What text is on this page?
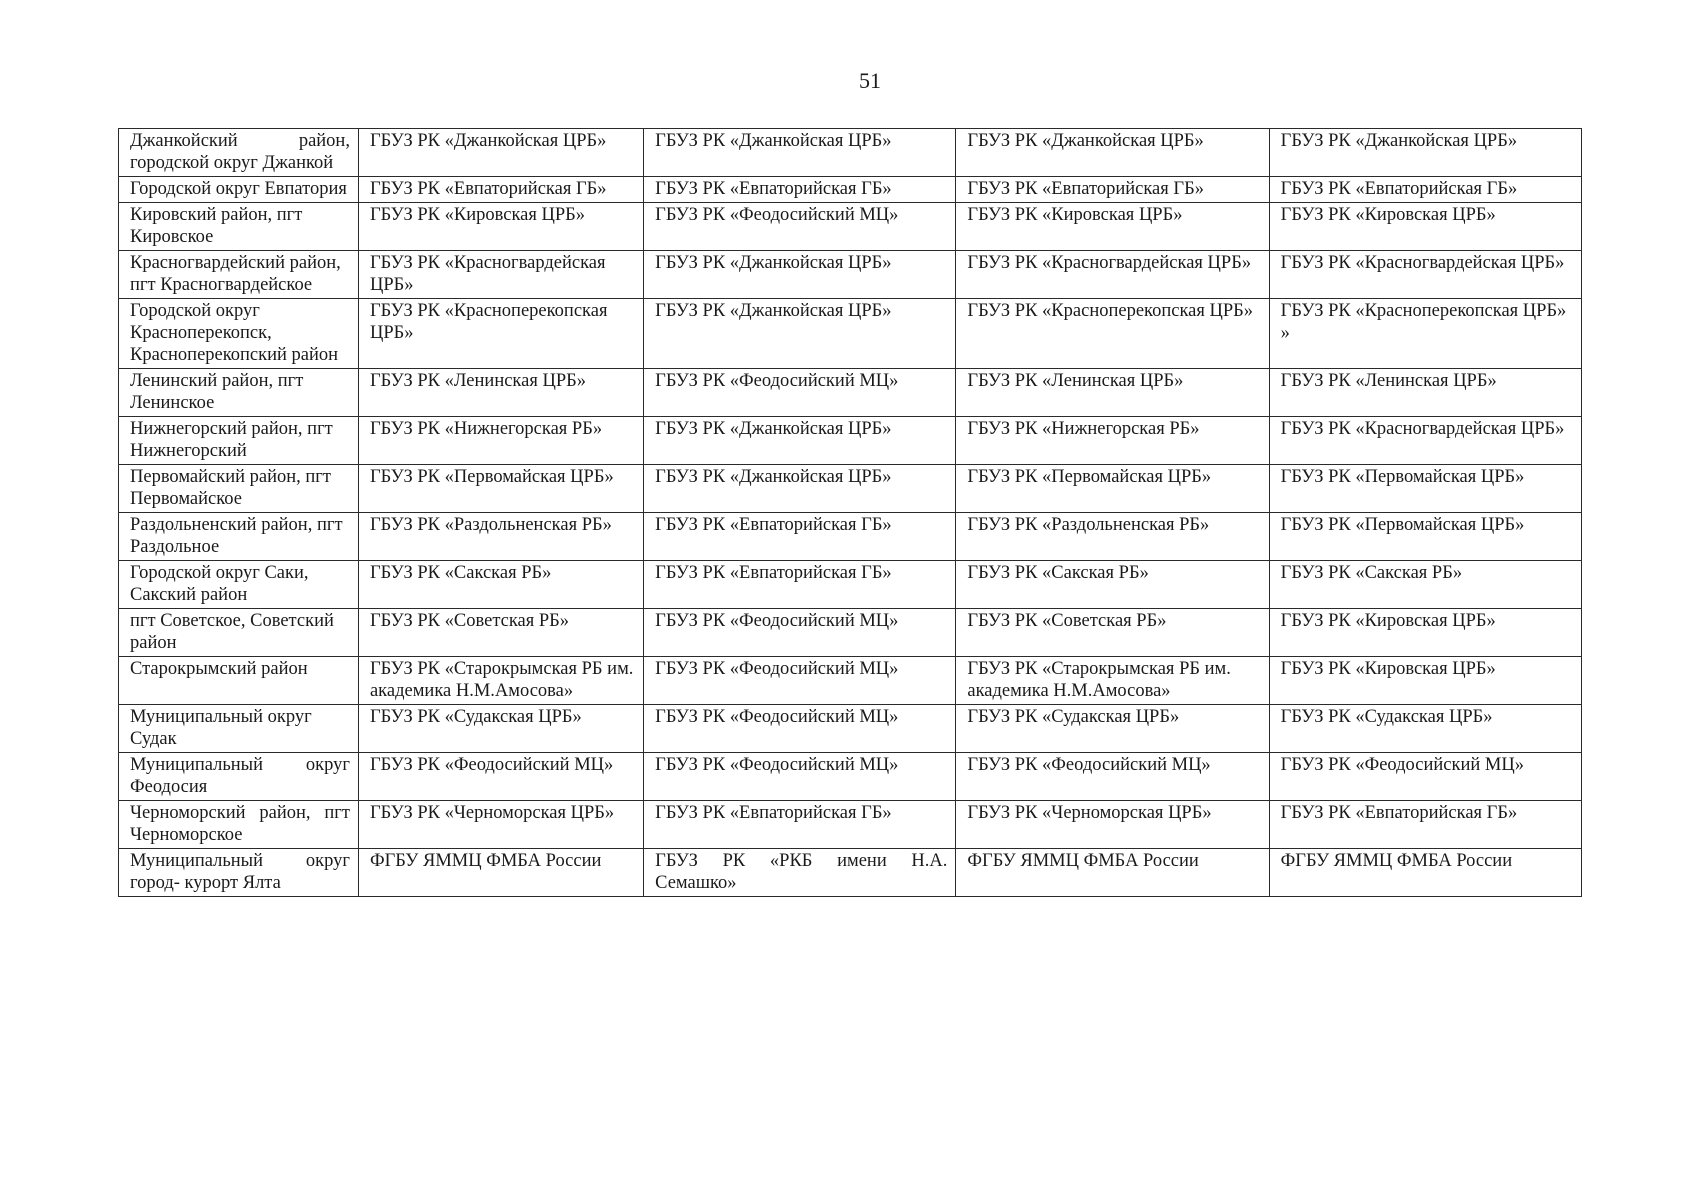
51
Джанкойский район, городской округ Джанкой	ГБУЗ РК «Джанкойская ЦРБ»	ГБУЗ РК «Джанкойская ЦРБ»	ГБУЗ РК «Джанкойская ЦРБ»	ГБУЗ РК «Джанкойская ЦРБ»
Городской округ Евпатория	ГБУЗ РК «Евпаторийская ГБ»	ГБУЗ РК «Евпаторийская ГБ»	ГБУЗ РК «Евпаторийская ГБ»	ГБУЗ РК «Евпаторийская ГБ»
Кировский район, пгт Кировское	ГБУЗ РК «Кировская ЦРБ»	ГБУЗ РК «Феодосийский МЦ»	ГБУЗ РК «Кировская ЦРБ»	ГБУЗ РК «Кировская ЦРБ»
Красногвардейский район, пгт Красногвардейское	ГБУЗ РК «Красногвардейская ЦРБ»	ГБУЗ РК «Джанкойская ЦРБ»	ГБУЗ РК «Красногвардейская ЦРБ»	ГБУЗ РК «Красногвардейская ЦРБ»
Городской округ Красноперекопск, Красноперекопский район	ГБУЗ РК «Красноперекопская ЦРБ»	ГБУЗ РК «Джанкойская ЦРБ»	ГБУЗ РК «Красноперекопская ЦРБ»	ГБУЗ РК «Красноперекопская ЦРБ» »
Ленинский район, пгт Ленинское	ГБУЗ РК «Ленинская ЦРБ»	ГБУЗ РК «Феодосийский МЦ»	ГБУЗ РК «Ленинская ЦРБ»	ГБУЗ РК «Ленинская ЦРБ»
Нижнегорский район, пгт Нижнегорский	ГБУЗ РК «Нижнегорская РБ»	ГБУЗ РК «Джанкойская ЦРБ»	ГБУЗ РК «Нижнегорская РБ»	ГБУЗ РК «Красногвардейская ЦРБ»
Первомайский район, пгт Первомайское	ГБУЗ РК «Первомайская ЦРБ»	ГБУЗ РК «Джанкойская ЦРБ»	ГБУЗ РК «Первомайская ЦРБ»	ГБУЗ РК «Первомайская ЦРБ»
Раздольненский район, пгт Раздольное	ГБУЗ РК «Раздольненская РБ»	ГБУЗ РК «Евпаторийская ГБ»	ГБУЗ РК «Раздольненская РБ»	ГБУЗ РК «Первомайская ЦРБ»
Городской округ Саки, Сакский район	ГБУЗ РК «Сакская РБ»	ГБУЗ РК «Евпаторийская ГБ»	ГБУЗ РК «Сакская РБ»	ГБУЗ РК «Сакская РБ»
пгт Советское, Советский район	ГБУЗ РК «Советская РБ»	ГБУЗ РК «Феодосийский МЦ»	ГБУЗ РК «Советская РБ»	ГБУЗ РК «Кировская ЦРБ»
Старокрымский район	ГБУЗ РК «Старокрымская РБ им. академика Н.М.Амосова»	ГБУЗ РК «Феодосийский МЦ»	ГБУЗ РК «Старокрымская РБ им. академика Н.М.Амосова»	ГБУЗ РК «Кировская ЦРБ»
Муниципальный округ Судак	ГБУЗ РК «Судакская ЦРБ»	ГБУЗ РК «Феодосийский МЦ»	ГБУЗ РК «Судакская ЦРБ»	ГБУЗ РК «Судакская ЦРБ»
Муниципальный округ Феодосия	ГБУЗ РК «Феодосийский МЦ»	ГБУЗ РК «Феодосийский МЦ»	ГБУЗ РК «Феодосийский МЦ»	ГБУЗ РК «Феодосийский МЦ»
Черноморский район, пгт Черноморское	ГБУЗ РК «Черноморская ЦРБ»	ГБУЗ РК «Евпаторийская ГБ»	ГБУЗ РК «Черноморская ЦРБ»	ГБУЗ РК «Евпаторийская ГБ»
Муниципальный округ город- курорт Ялта	ФГБУ ЯММЦ ФМБА России	ГБУЗ РК «РКБ имени Н.А. Семашко»	ФГБУ ЯММЦ ФМБА России	ФГБУ ЯММЦ ФМБА России
